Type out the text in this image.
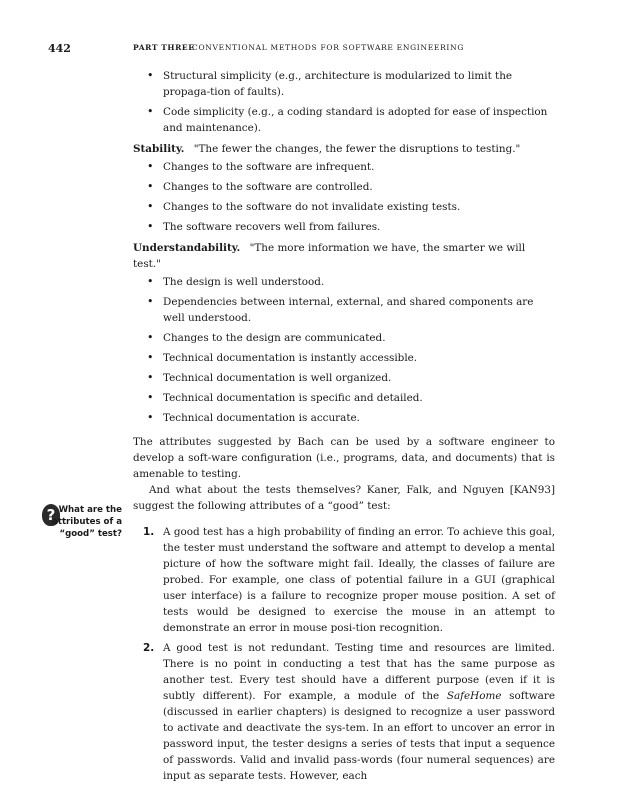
442	PART THREE
CONVENTIONAL METHODS FOR SOFTWARE ENGINEERING
? What are the attributes of a “good” test?
• Structural simplicity (e.g., architecture is modularized to limit the propaga-tion of faults).
• Code simplicity (e.g., a coding standard is adopted for ease of inspection and maintenance).
Stability. "The fewer the changes, the fewer the disruptions to testing."
• Changes to the software are infrequent.
• Changes to the software are controlled.
• Changes to the software do not invalidate existing tests.
• The software recovers well from failures.
Understandability. "The more information we have, the smarter we will test."
• The design is well understood.
• Dependencies between internal, external, and shared components are well understood.
• Changes to the design are communicated.
• Technical documentation is instantly accessible.
• Technical documentation is well organized.
• Technical documentation is specific and detailed.
• Technical documentation is accurate.

The attributes suggested by Bach can be used by a software engineer to develop a soft-ware configuration (i.e., programs, data, and documents) that is amenable to testing.

And what about the tests themselves? Kaner, Falk, and Nguyen [KAN93] suggest the following attributes of a “good” test:

1. A good test has a high probability of finding an error. To achieve this goal, the tester must understand the software and attempt to develop a mental picture of how the software might fail. Ideally, the classes of failure are probed. For example, one class of potential failure in a GUI (graphical user interface) is a failure to recognize proper mouse position. A set of tests would be designed to exercise the mouse in an attempt to demonstrate an error in mouse posi-tion recognition.
2. A good test is not redundant. Testing time and resources are limited. There is no point in conducting a test that has the same purpose as another test. Every test should have a different purpose (even if it is subtly different). For example, a module of the SafeHome software (discussed in earlier chapters) is designed to recognize a user password to activate and deactivate the sys-tem. In an effort to uncover an error in password input, the tester designs a series of tests that input a sequence of passwords. Valid and invalid pass-words (four numeral sequences) are input as separate tests. However, each
